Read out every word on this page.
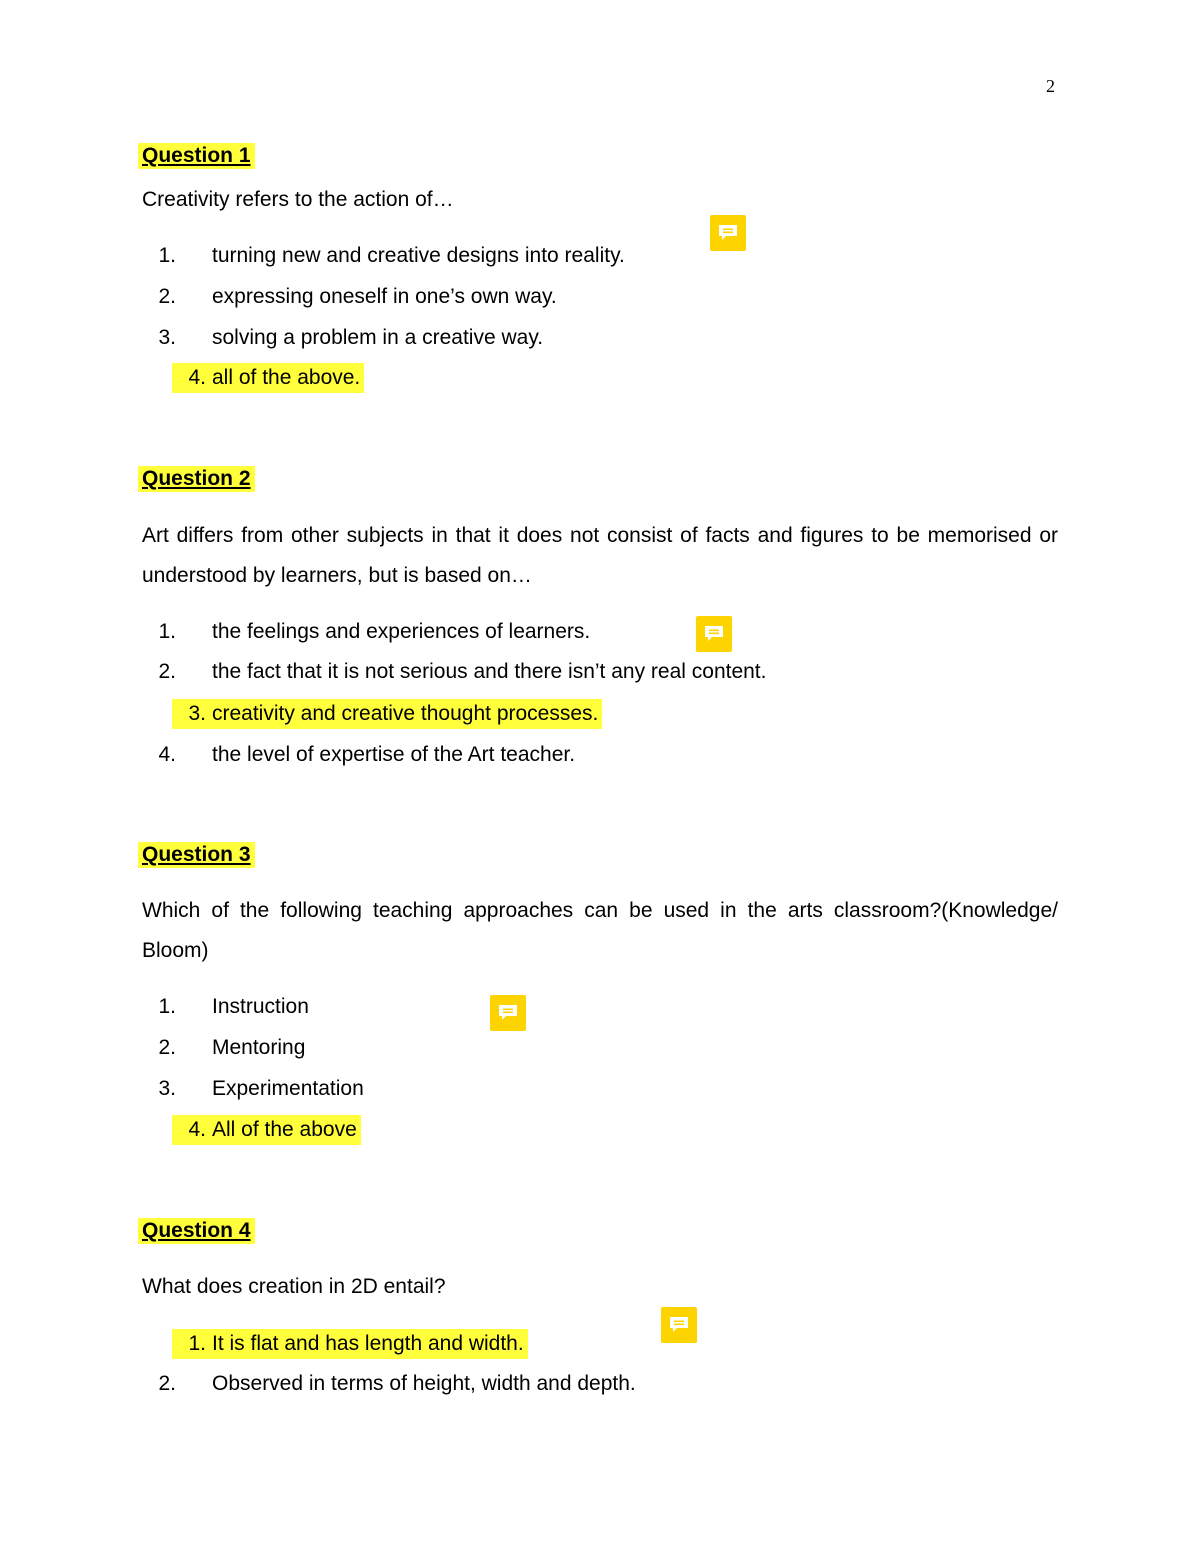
2
Question 1
Creativity refers to the action of…
1.	turning new and creative designs into reality.
2.	expressing oneself in one’s own way.
3.	solving a problem in a creative way.
4. all of the above.
Question 2
Art differs from other subjects in that it does not consist of facts and figures to be memorised or understood by learners, but is based on…
1.	the feelings and experiences of learners.
2.	the fact that it is not serious and there isn’t any real content.
3. creativity and creative thought processes.
4.	the level of expertise of the Art teacher.
Question 3
Which of the following teaching approaches can be used in the arts classroom?(Knowledge/ Bloom)
1.	Instruction
2.	Mentoring
3.	Experimentation
4. All of the above
Question 4
What does creation in 2D entail?
1. It is flat and has length and width.
2.	Observed in terms of height, width and depth.
